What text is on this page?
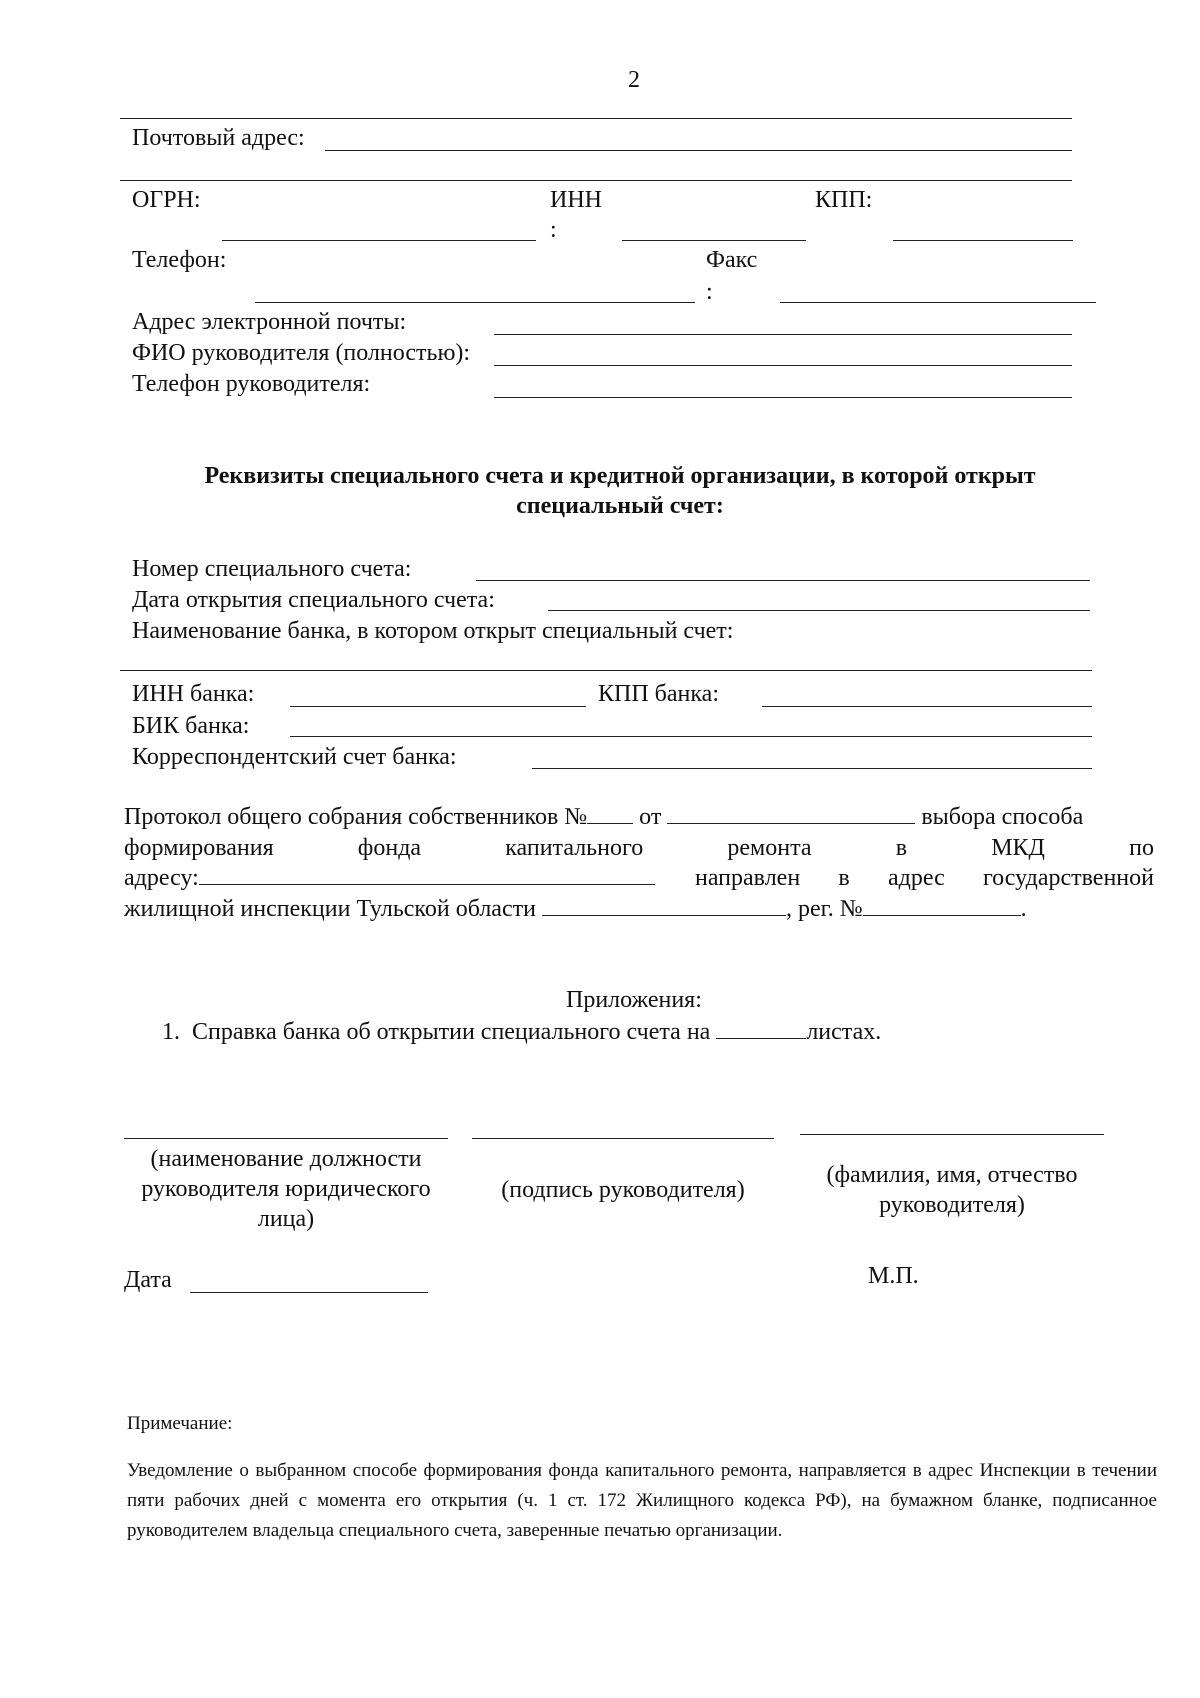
2
Почтовый адрес:
ОГРН:	ИНН	КПП:
:
Телефон:	Факс
:
Адрес электронной почты:
ФИО руководителя (полностью):
Телефон руководителя:
Реквизиты специального счета и кредитной организации, в которой открыт
специальный счет:
Номер специального счета:
Дата открытия специального счета:
Наименование банка, в котором открыт специальный счет:
ИНН банка:	КПП банка:
БИК банка:
Корреспондентский счет банка:
Протокол общего собрания собственников № от	выбора способа
формирования	фонда	капитального	ремонта	в	МКД	по
адресу:	направлен в адрес государственной
жилищной инспекции Тульской области	, рег. №	.
Приложения:
1. Справка банка об открытии специального счета на	листах.
(наименование должности руководителя юридического лица)
(подпись руководителя)
(фамилия, имя, отчество руководителя)
Дата	М.П.
Примечание:
Уведомление о выбранном способе формирования фонда капитального ремонта, направляется в адрес Инспекции в течении пяти рабочих дней с момента его открытия (ч. 1 ст. 172 Жилищного кодекса РФ), на бумажном бланке, подписанное руководителем владельца специального счета, заверенные печатью организации.
